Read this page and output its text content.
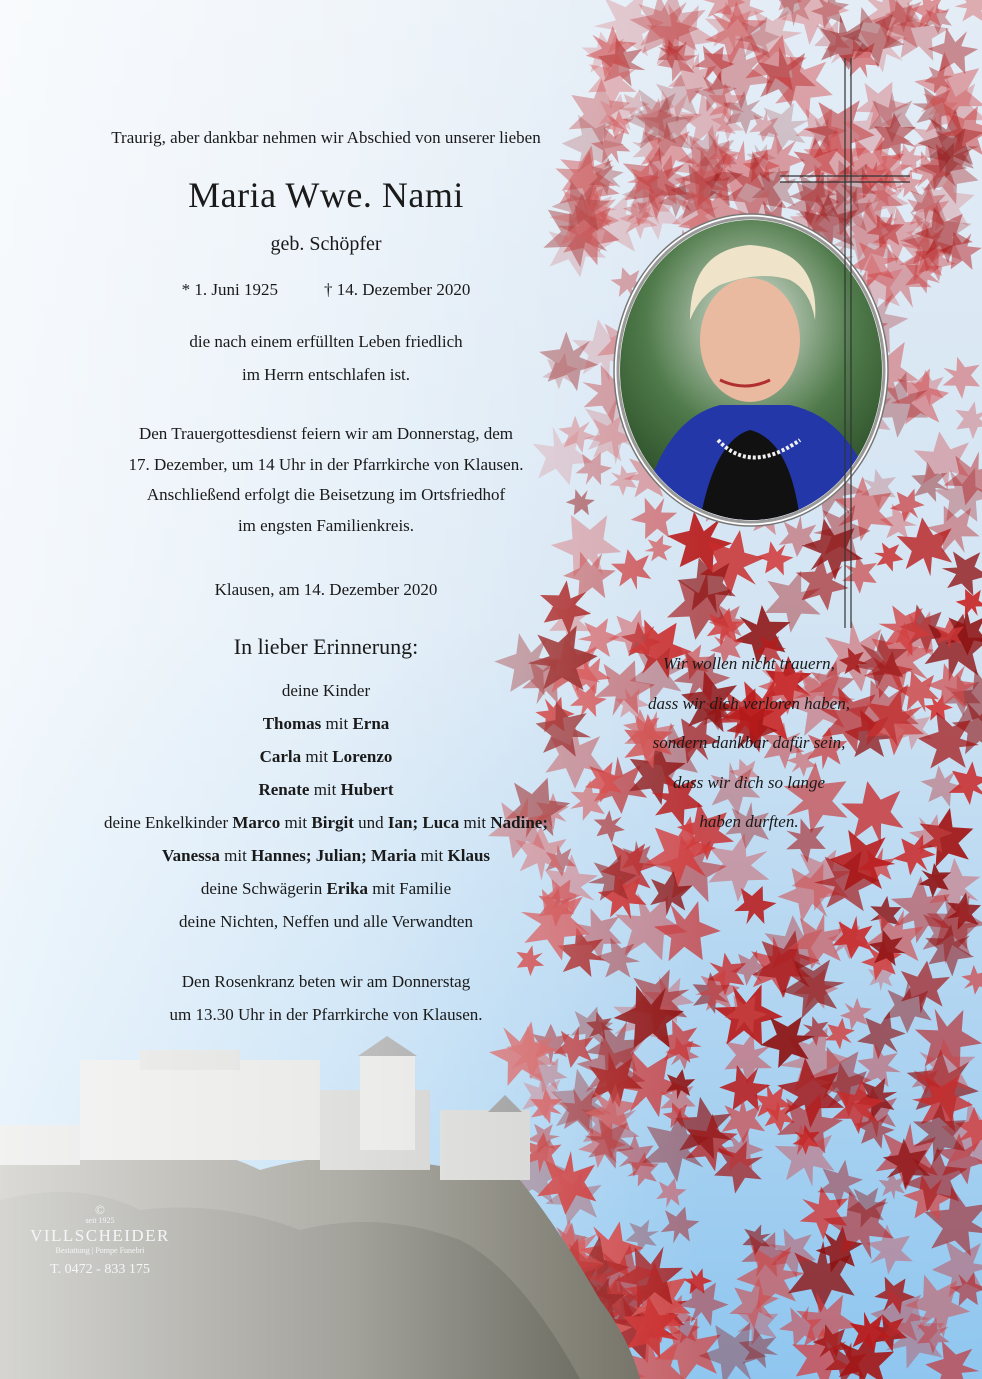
Traurig, aber dankbar nehmen wir Abschied von unserer lieben
Maria Wwe. Nami
geb. Schöpfer
* 1. Juni 1925	† 14. Dezember 2020
die nach einem erfüllten Leben friedlich
im Herrn entschlafen ist.
Den Trauergottesdienst feiern wir am Donnerstag, dem
17. Dezember, um 14 Uhr in der Pfarrkirche von Klausen.
Anschließend erfolgt die Beisetzung im Ortsfriedhof
im engsten Familienkreis.
Klausen, am 14. Dezember 2020
In lieber Erinnerung:
deine Kinder
Thomas mit Erna
Carla mit Lorenzo
Renate mit Hubert
deine Enkelkinder Marco mit Birgit und Ian; Luca mit Nadine;
Vanessa mit Hannes; Julian; Maria mit Klaus
deine Schwägerin Erika mit Familie
deine Nichten, Neffen und alle Verwandten
Den Rosenkranz beten wir am Donnerstag
um 13.30 Uhr in der Pfarrkirche von Klausen.
Wir wollen nicht trauern,
dass wir dich verloren haben,
sondern dankbar dafür sein,
dass wir dich so lange
haben durften.
©
seit 1925
VILLSCHEIDER
Bestattung | Pompe Funebri
T. 0472 - 833 175
